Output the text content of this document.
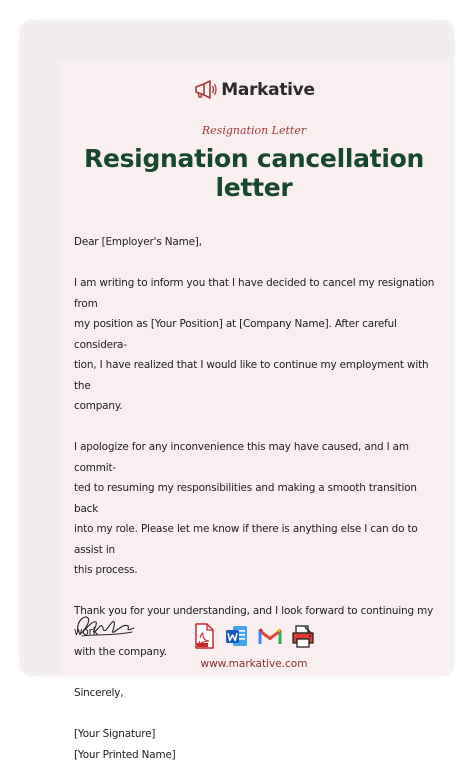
Markative
Resignation Letter
Resignation cancellation
letter

Dear [Employer's Name],

I am writing to inform you that I have decided to cancel my resignation from
my position as [Your Position] at [Company Name]. After careful considera-
tion, I have realized that I would like to continue my employment with the
company.

I apologize for any inconvenience this may have caused, and I am commit-
ted to resuming my responsibilities and making a smooth transition back
into my role. Please let me know if there is anything else I can do to assist in
this process.

Thank you for your understanding, and I look forward to continuing my work
with the company.

Sincerely,

[Your Signature]

[Your Printed Name]

www.markative.com
